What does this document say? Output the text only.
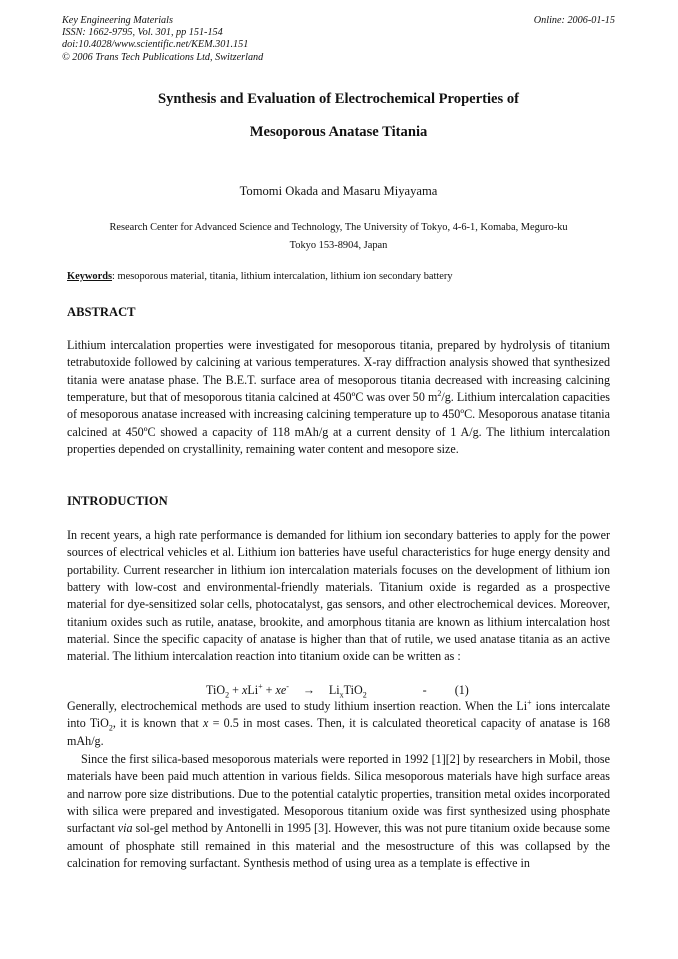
Key Engineering Materials
ISSN: 1662-9795, Vol. 301, pp 151-154
doi:10.4028/www.scientific.net/KEM.301.151
© 2006 Trans Tech Publications Ltd, Switzerland
Online: 2006-01-15
Synthesis and Evaluation of Electrochemical Properties of
Mesoporous Anatase Titania
Tomomi Okada and Masaru Miyayama
Research Center for Advanced Science and Technology, The University of Tokyo, 4-6-1, Komaba, Meguro-ku
Tokyo 153-8904, Japan
Keywords: mesoporous material, titania, lithium intercalation, lithium ion secondary battery
ABSTRACT
Lithium intercalation properties were investigated for mesoporous titania, prepared by hydrolysis of titanium tetrabutoxide followed by calcining at various temperatures. X-ray diffraction analysis showed that synthesized titania were anatase phase. The B.E.T. surface area of mesoporous titania decreased with increasing calcining temperature, but that of mesoporous titania calcined at 450ºC was over 50 $m^2/g$. Lithium intercalation capacities of mesoporous anatase increased with increasing calcining temperature up to 450ºC. Mesoporous anatase titania calcined at 450ºC showed a capacity of 118 mAh/g at a current density of 1 A/g. The lithium intercalation properties depended on crystallinity, remaining water content and mesopore size.
INTRODUCTION
In recent years, a high rate performance is demanded for lithium ion secondary batteries to apply for the power sources of electrical vehicles et al. Lithium ion batteries have useful characteristics for huge energy density and portability. Current researcher in lithium ion intercalation materials focuses on the development of lithium ion battery with low-cost and environmental-friendly materials. Titanium oxide is regarded as a prospective material for dye-sensitized solar cells, photocatalyst, gas sensors, and other electrochemical devices. Moreover, titanium oxides such as rutile, anatase, brookite, and amorphous titania are known as lithium intercalation host material. Since the specific capacity of anatase is higher than that of rutile, we used anatase titania as an active material. The lithium intercalation reaction into titanium oxide can be written as :
$TiO_2 + xLi^+ + xe^- \to Li_xTiO_2$	- (1)
Generally, electrochemical methods are used to study lithium insertion reaction. When the Li+ ions intercalate into TiO$_2$, it is known that x = 0.5 in most cases. Then, it is calculated theoretical capacity of anatase is 168 mAh/g.
Since the first silica-based mesoporous materials were reported in 1992 [1][2] by researchers in Mobil, those materials have been paid much attention in various fields. Silica mesoporous materials have high surface areas and narrow pore size distributions. Due to the potential catalytic properties, transition metal oxides incorporated with silica were prepared and investigated. Mesoporous titanium oxide was first synthesized using phosphate surfactant via sol-gel method by Antonelli in 1995 [3]. However, this was not pure titanium oxide because some amount of phosphate still remained in this material and the mesostructure of this was collapsed by the calcination for removing surfactant. Synthesis method of using urea as a template is effective in
